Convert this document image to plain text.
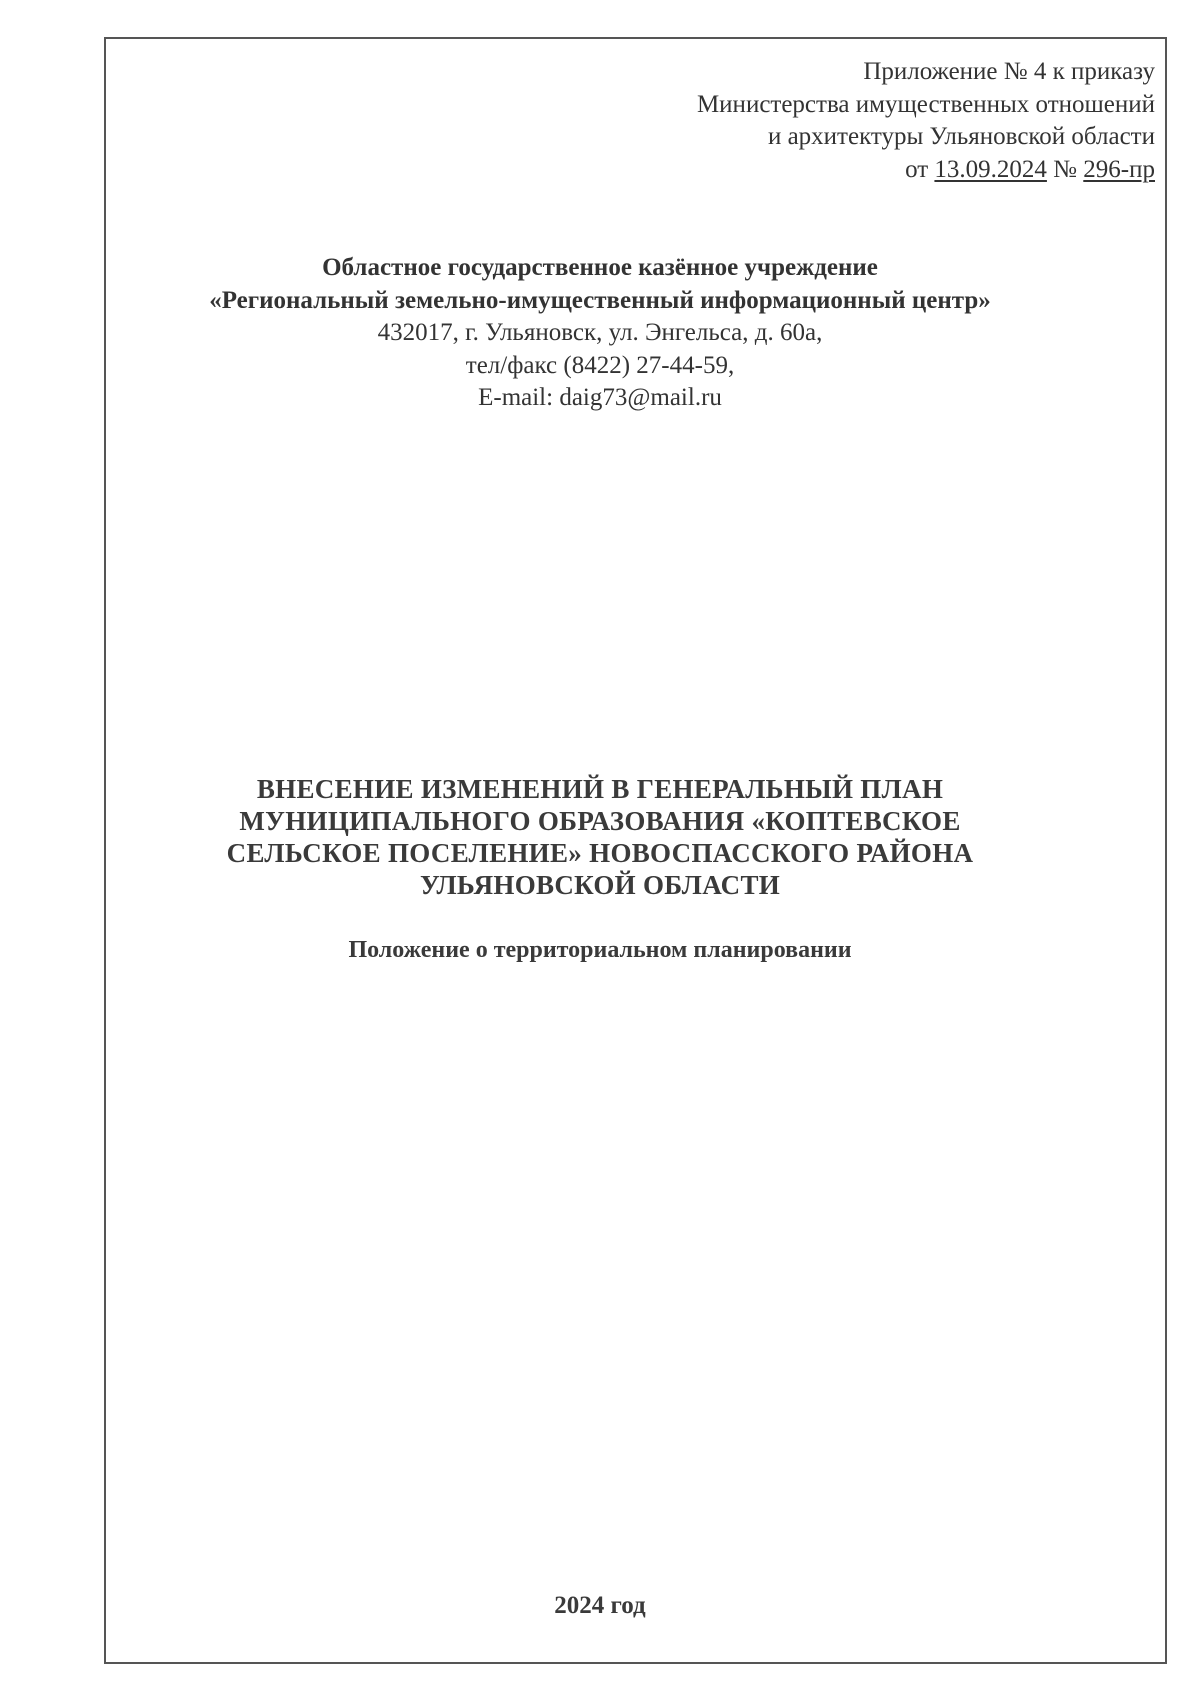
Приложение № 4 к приказу
Министерства имущественных отношений
и архитектуры Ульяновской области
от 13.09.2024 № 296-пр
Областное государственное казённое учреждение
«Региональный земельно-имущественный информационный центр»
432017, г. Ульяновск, ул. Энгельса, д. 60а,
тел/факс (8422) 27-44-59,
E-mail: daig73@mail.ru
ВНЕСЕНИЕ ИЗМЕНЕНИЙ В ГЕНЕРАЛЬНЫЙ ПЛАН
МУНИЦИПАЛЬНОГО ОБРАЗОВАНИЯ «КОПТЕВСКОЕ
СЕЛЬСКОЕ ПОСЕЛЕНИЕ» НОВОСПАССКОГО РАЙОНА
УЛЬЯНОВСКОЙ ОБЛАСТИ
Положение о территориальном планировании
2024 год
